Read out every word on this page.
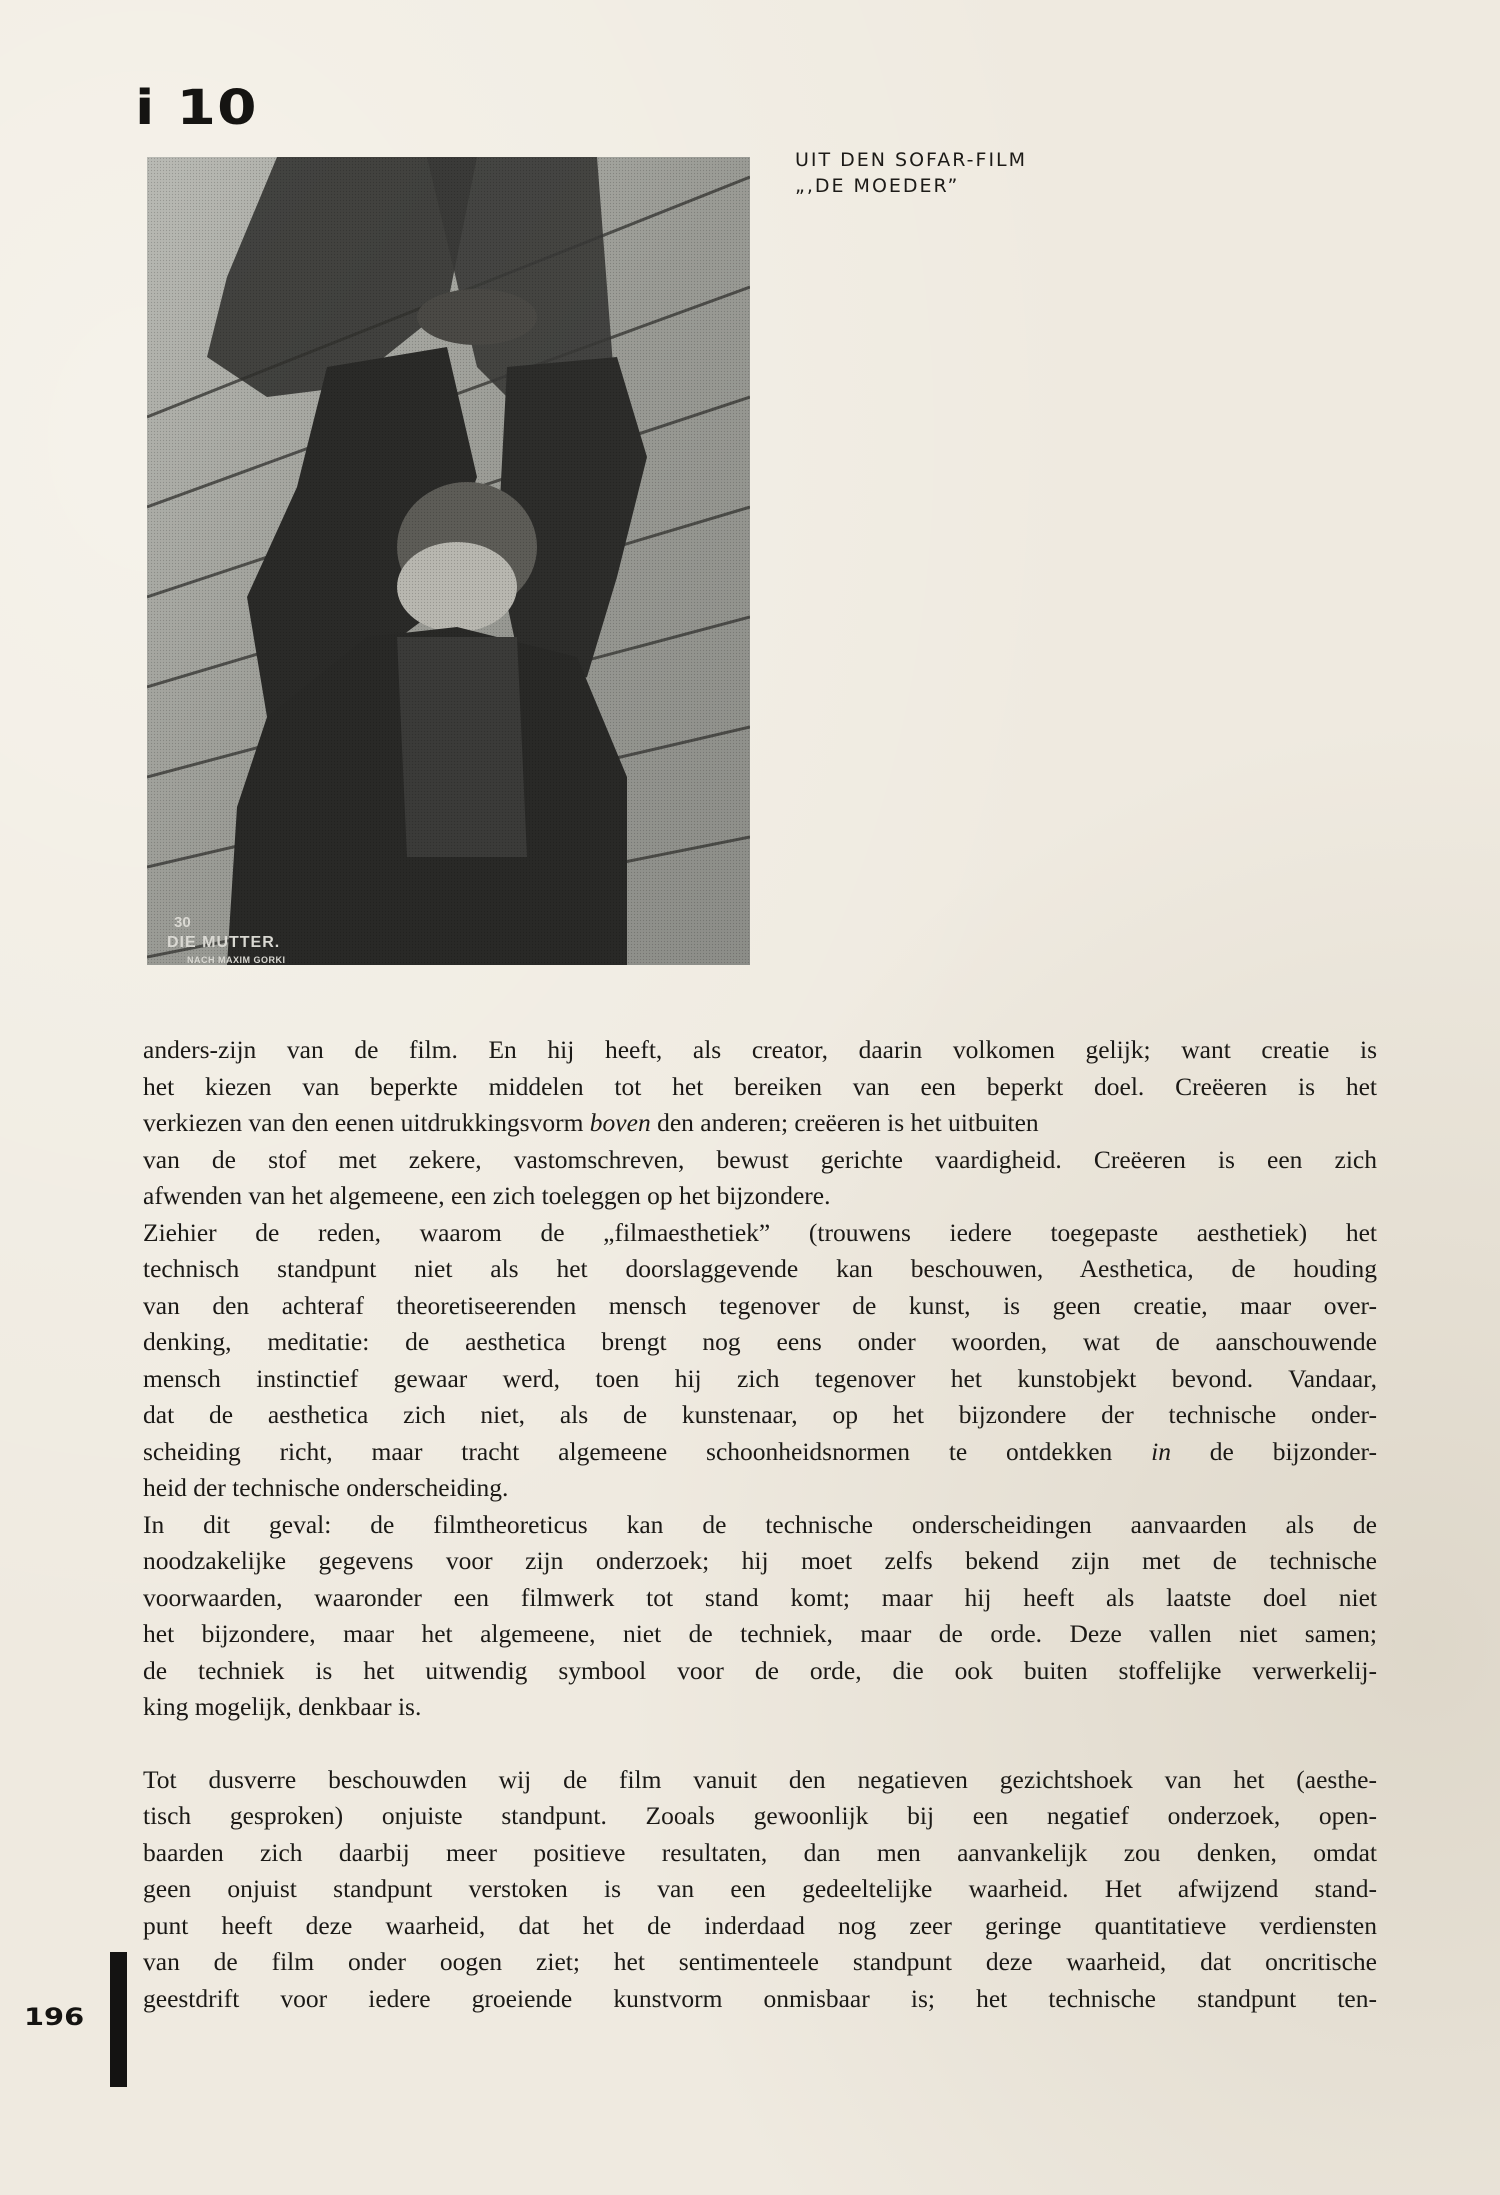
i 10
30
DIE MUTTER.
NACH MAXIM GORKI
UIT DEN SOFAR-FILM
„,DE MOEDER”
anders-zijn van de film. En hij heeft, als creator, daarin volkomen gelijk; want creatie is
het kiezen van beperkte middelen tot het bereiken van een beperkt doel. Creëeren is het
verkiezen van den eenen uitdrukkingsvorm boven den anderen; creëeren is het uitbuiten
van de stof met zekere, vastomschreven, bewust gerichte vaardigheid. Creëeren is een zich
afwenden van het algemeene, een zich toeleggen op het bijzondere.
Ziehier de reden, waarom de „filmaesthetiek” (trouwens iedere toegepaste aesthetiek) het
technisch standpunt niet als het doorslaggevende kan beschouwen, Aesthetica, de houding
van den achteraf theoretiseerenden mensch tegenover de kunst, is geen creatie, maar over-
denking, meditatie: de aesthetica brengt nog eens onder woorden, wat de aanschouwende
mensch instinctief gewaar werd, toen hij zich tegenover het kunstobjekt bevond. Vandaar,
dat de aesthetica zich niet, als de kunstenaar, op het bijzondere der technische onder-
scheiding richt, maar tracht algemeene schoonheidsnormen te ontdekken in de bijzonder-
heid der technische onderscheiding.
In dit geval: de filmtheoreticus kan de technische onderscheidingen aanvaarden als de
noodzakelijke gegevens voor zijn onderzoek; hij moet zelfs bekend zijn met de technische
voorwaarden, waaronder een filmwerk tot stand komt; maar hij heeft als laatste doel niet
het bijzondere, maar het algemeene, niet de techniek, maar de orde. Deze vallen niet samen;
de techniek is het uitwendig symbool voor de orde, die ook buiten stoffelijke verwerkelij-
king mogelijk, denkbaar is.
Tot dusverre beschouwden wij de film vanuit den negatieven gezichtshoek van het (aesthe-
tisch gesproken) onjuiste standpunt. Zooals gewoonlijk bij een negatief onderzoek, open-
baarden zich daarbij meer positieve resultaten, dan men aanvankelijk zou denken, omdat
geen onjuist standpunt verstoken is van een gedeeltelijke waarheid. Het afwijzend stand-
punt heeft deze waarheid, dat het de inderdaad nog zeer geringe quantitatieve verdiensten
van de film onder oogen ziet; het sentimenteele standpunt deze waarheid, dat oncritische
geestdrift voor iedere groeiende kunstvorm onmisbaar is; het technische standpunt ten-
196
